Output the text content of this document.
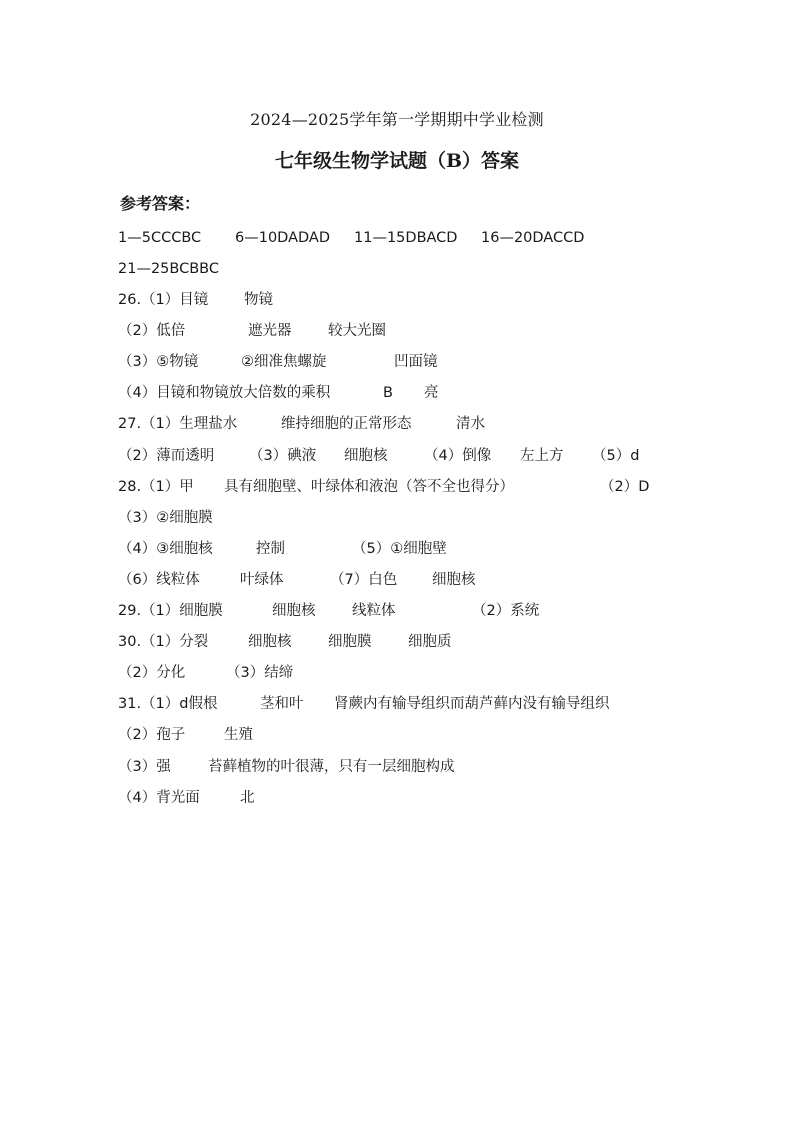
2024—2025学年第一学期期中学业检测
七年级生物学试题（B）答案
参考答案：
1—5CCCBC 6—10DADAD 11—15DBACD 16—20DACCD
21—25BCBBC
26.（1）目镜 物镜
（2）低倍	遮光器	较大光圈
（3）⑤物镜	②细准焦螺旋	凹面镜
（4）目镜和物镜放大倍数的乘积	B 亮
27.（1）生理盐水	维持细胞的正常形态	清水
（2）薄而透明 （3）碘液 细胞核	（4）倒像 左上方 （5）d
28.（1）甲 具有细胞壁、叶绿体和液泡（答不全也得分）	（2）D
（3）②细胞膜
（4）③细胞核	控制	（5）①细胞壁
（6）线粒体	叶绿体	（7）白色 细胞核
29.（1）细胞膜	细胞核	线粒体	（2）系统
30.（1）分裂	细胞核	细胞膜	细胞质
（2）分化	（3）结缔
31.（1）d假根	茎和叶 肾蕨内有输导组织而葫芦藓内没有输导组织
（2）孢子	生殖
（3）强	苔藓植物的叶很薄，只有一层细胞构成
（4）背光面	北
